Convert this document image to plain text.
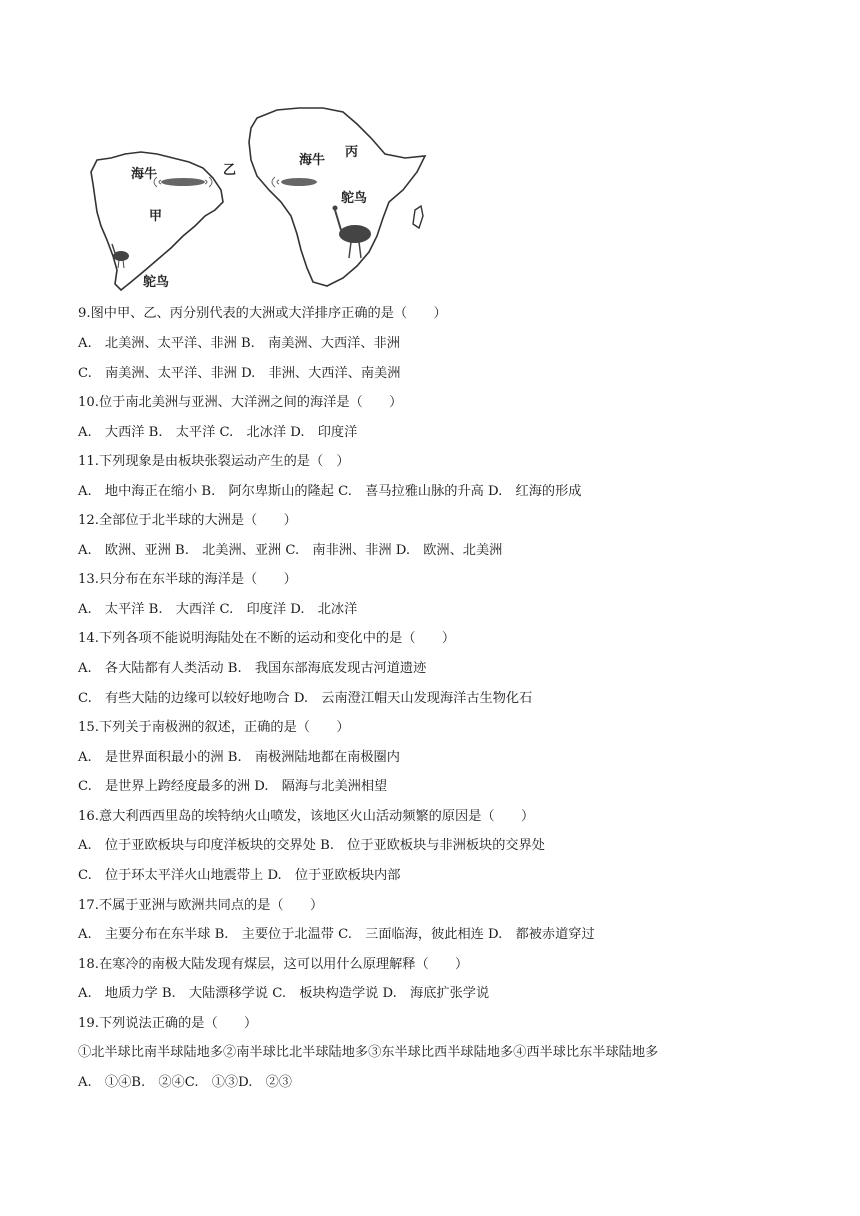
海牛	乙
甲
鸵鸟
海牛
丙
鸵鸟
9.图中甲、乙、丙分别代表的大洲或大洋排序正确的是（　　）
A.　北美洲、太平洋、非洲 B.　南美洲、大西洋、非洲
C.　南美洲、太平洋、非洲 D.　非洲、大西洋、南美洲
10.位于南北美洲与亚洲、大洋洲之间的海洋是（　　）
A.　大西洋 B.　太平洋 C.　北冰洋 D.　印度洋
11.下列现象是由板块张裂运动产生的是（　）
A.　地中海正在缩小 B.　阿尔卑斯山的隆起 C.　喜马拉雅山脉的升高 D.　红海的形成
12.全部位于北半球的大洲是（　　）
A.　欧洲、亚洲 B.　北美洲、亚洲 C.　南非洲、非洲 D.　欧洲、北美洲
13.只分布在东半球的海洋是（　　）
A.　太平洋 B.　大西洋 C.　印度洋 D.　北冰洋
14.下列各项不能说明海陆处在不断的运动和变化中的是（　　）
A.　各大陆都有人类活动 B.　我国东部海底发现古河道遗迹
C.　有些大陆的边缘可以较好地吻合 D.　云南澄江帽天山发现海洋古生物化石
15.下列关于南极洲的叙述，正确的是（　　）
A.　是世界面积最小的洲 B.　南极洲陆地都在南极圈内
C.　是世界上跨经度最多的洲 D.　隔海与北美洲相望
16.意大利西西里岛的埃特纳火山喷发，该地区火山活动频繁的原因是（　　）
A.　位于亚欧板块与印度洋板块的交界处 B.　位于亚欧板块与非洲板块的交界处
C.　位于环太平洋火山地震带上 D.　位于亚欧板块内部
17.不属于亚洲与欧洲共同点的是（　　）
A.　主要分布在东半球 B.　主要位于北温带 C.　三面临海，彼此相连 D.　都被赤道穿过
18.在寒冷的南极大陆发现有煤层，这可以用什么原理解释（　　）
A.　地质力学 B.　大陆漂移学说 C.　板块构造学说 D.　海底扩张学说
19.下列说法正确的是（　　）
①北半球比南半球陆地多②南半球比北半球陆地多③东半球比西半球陆地多④西半球比东半球陆地多
A.　①④B.　②④C.　①③D.　②③
